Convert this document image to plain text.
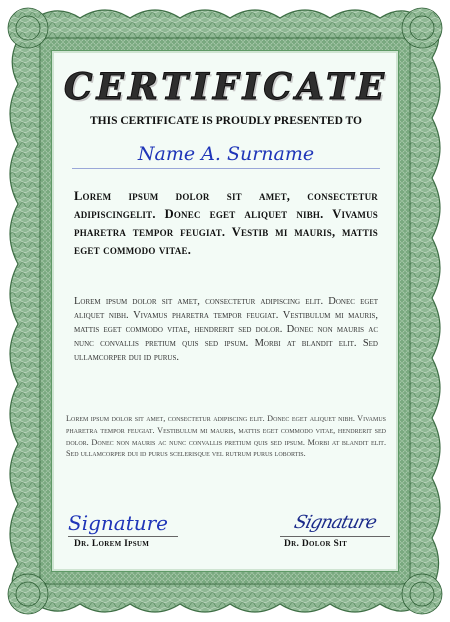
CERTIFICATE
THIS CERTIFICATE IS PROUDLY PRESENTED TO
Name A. Surname
Lorem ipsum dolor sit amet, consectetur adipiscingelit. Donec eget aliquet nibh. Vivamus pharetra tempor feugiat. Vestib mi mauris, mattis eget commodo vitae.
Lorem ipsum dolor sit amet, consectetur adipiscing elit. Donec eget aliquet nibh. Vivamus pharetra tempor feugiat. Vestibulum mi mauris, mattis eget commodo vitae, hendrerit sed dolor. Donec non mauris ac nunc convallis pretium quis sed ipsum. Morbi at blandit elit. Sed ullamcorper dui id purus.
Lorem ipsum dolor sit amet, consectetur adipiscing elit. Donec eget aliquet nibh. Vivamus pharetra tempor feugiat. Vestibulum mi mauris, mattis eget commodo vitae, hendrerit sed dolor. Donec non mauris ac nunc convallis pretium quis sed ipsum. Morbi at blandit elit. Sed ullamcorper dui id purus scelerisque vel rutrum purus lobortis.
Signature
Dr. Lorem Ipsum
Signature
Dr. Dolor Sit
